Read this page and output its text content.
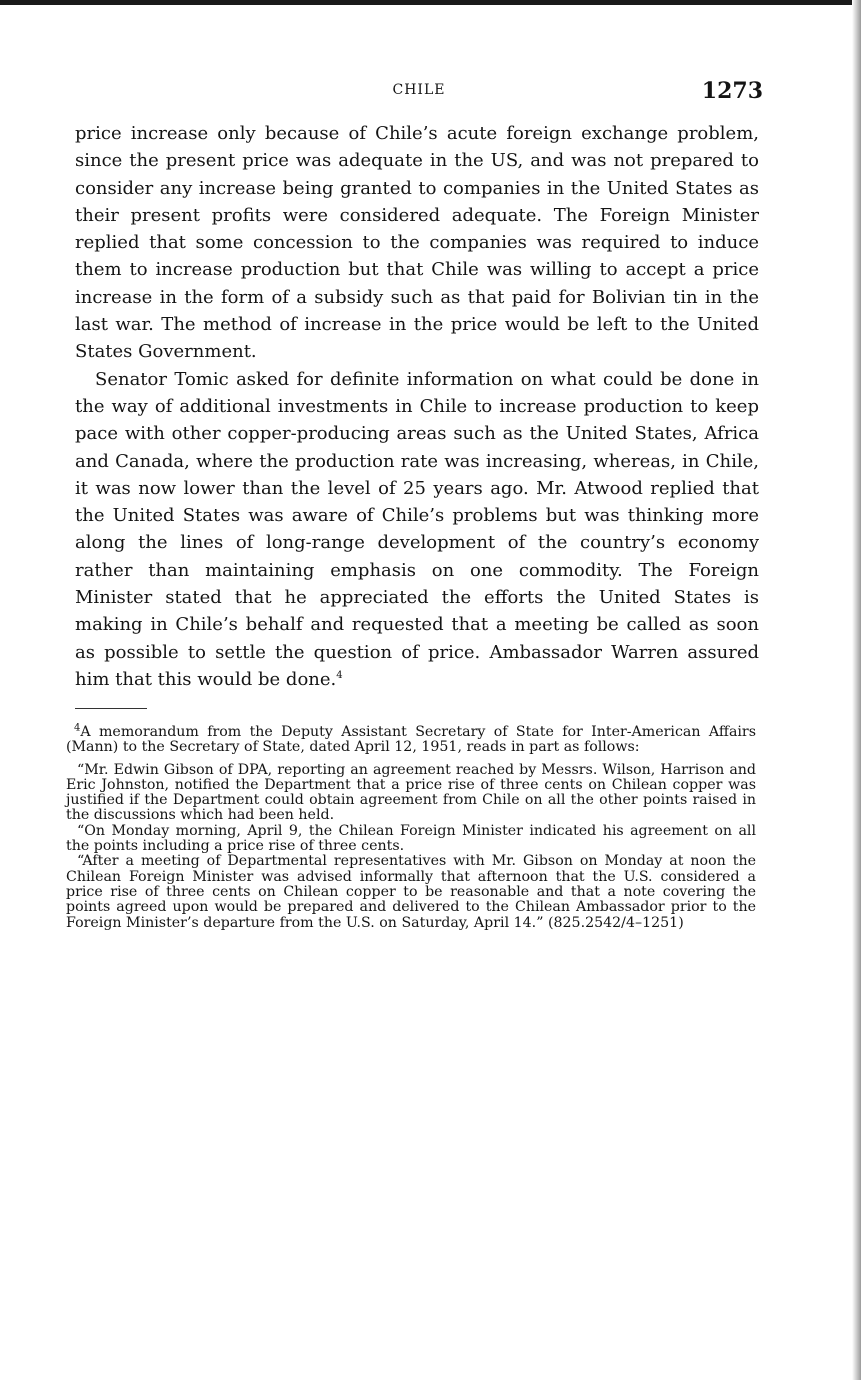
CHILE	1273

price increase only because of Chile’s acute foreign exchange problem, since the present price was adequate in the US, and was not prepared to consider any increase being granted to companies in the United States as their present profits were considered adequate. The Foreign Minister replied that some concession to the companies was required to induce them to increase production but that Chile was willing to accept a price increase in the form of a subsidy such as that paid for Bolivian tin in the last war. The method of increase in the price would be left to the United States Government.

Senator Tomic asked for definite information on what could be done in the way of additional investments in Chile to increase production to keep pace with other copper-producing areas such as the United States, Africa and Canada, where the production rate was increasing, whereas, in Chile, it was now lower than the level of 25 years ago. Mr. Atwood replied that the United States was aware of Chile’s problems but was thinking more along the lines of long-range development of the country’s economy rather than maintaining emphasis on one commodity. The Foreign Minister stated that he appreciated the efforts the United States is making in Chile’s behalf and requested that a meeting be called as soon as possible to settle the question of price. Ambassador Warren assured him that this would be done.$^4$

$^4$A memorandum from the Deputy Assistant Secretary of State for Inter-American Affairs (Mann) to the Secretary of State, dated April 12, 1951, reads in part as follows:

“Mr. Edwin Gibson of DPA, reporting an agreement reached by Messrs. Wilson, Harrison and Eric Johnston, notified the Department that a price rise of three cents on Chilean copper was justified if the Department could obtain agreement from Chile on all the other points raised in the discussions which had been held.

“On Monday morning, April 9, the Chilean Foreign Minister indicated his agreement on all the points including a price rise of three cents.

“After a meeting of Departmental representatives with Mr. Gibson on Monday at noon the Chilean Foreign Minister was advised informally that afternoon that the U.S. considered a price rise of three cents on Chilean copper to be reasonable and that a note covering the points agreed upon would be prepared and delivered to the Chilean Ambassador prior to the Foreign Minister’s departure from the U.S. on Saturday, April 14.” (825.2542/4–1251)
